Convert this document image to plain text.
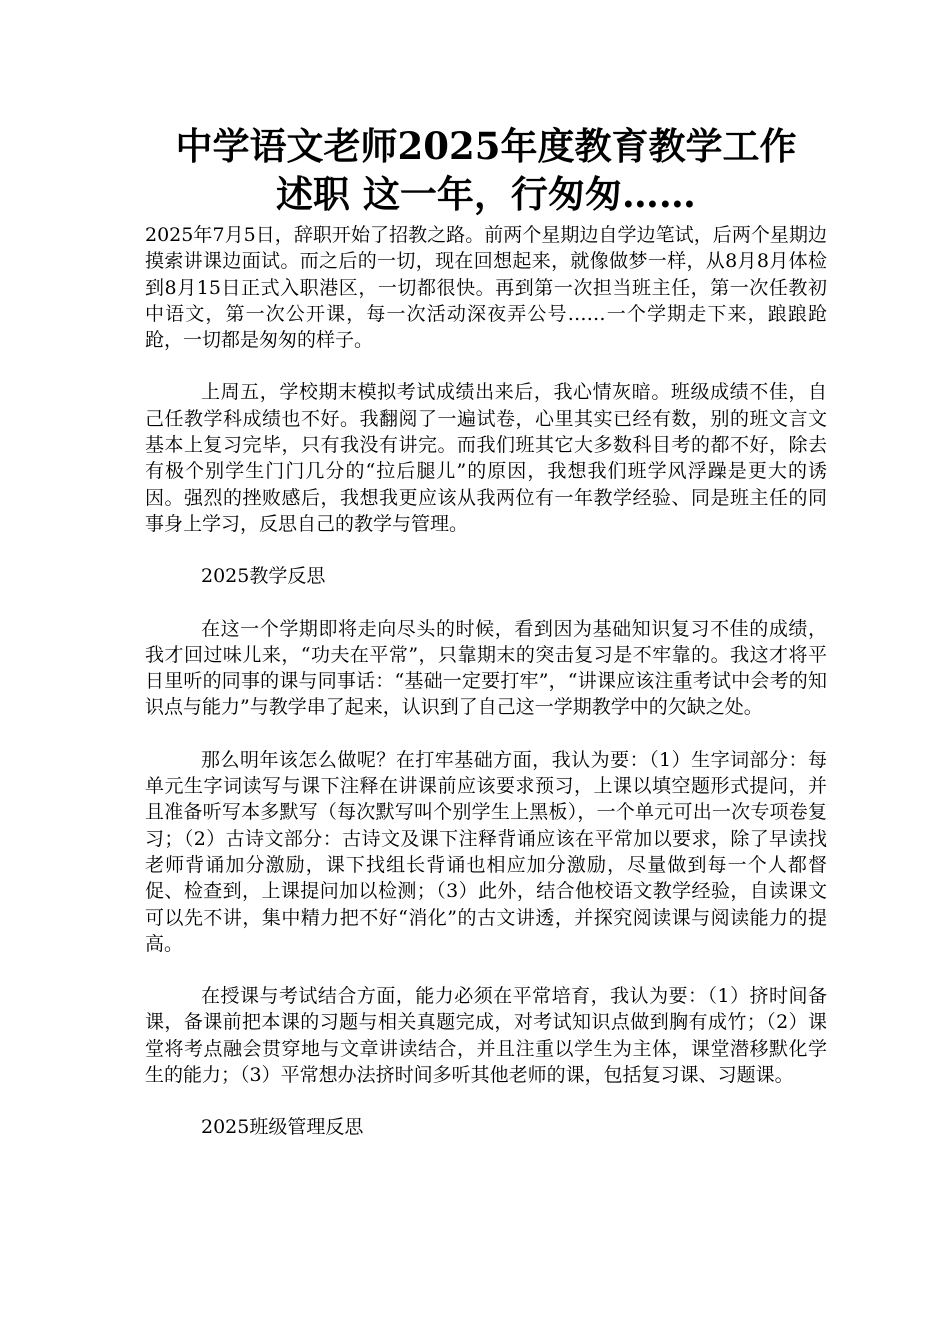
中学语文老师2025年度教育教学工作
述职 这一年，行匆匆……

2025年7月5日，辞职开始了招教之路。前两个星期边自学边笔试，后两个星期边摸索讲课边面试。而之后的一切，现在回想起来，就像做梦一样，从8月8月体检到8月15日正式入职港区，一切都很快。再到第一次担当班主任，第一次任教初中语文，第一次公开课，每一次活动深夜弄公号……一个学期走下来，踉踉跄跄，一切都是匆匆的样子。

上周五，学校期末模拟考试成绩出来后，我心情灰暗。班级成绩不佳，自己任教学科成绩也不好。我翻阅了一遍试卷，心里其实已经有数，别的班文言文基本上复习完毕，只有我没有讲完。而我们班其它大多数科目考的都不好，除去有极个别学生门门几分的“拉后腿儿”的原因，我想我们班学风浮躁是更大的诱因。强烈的挫败感后，我想我更应该从我两位有一年教学经验、同是班主任的同事身上学习，反思自己的教学与管理。

2025教学反思

在这一个学期即将走向尽头的时候，看到因为基础知识复习不佳的成绩，我才回过味儿来，“功夫在平常”，只靠期末的突击复习是不牢靠的。我这才将平日里听的同事的课与同事话：“基础一定要打牢”，“讲课应该注重考试中会考的知识点与能力”与教学串了起来，认识到了自己这一学期教学中的欠缺之处。

那么明年该怎么做呢？在打牢基础方面，我认为要：（1）生字词部分：每单元生字词读写与课下注释在讲课前应该要求预习，上课以填空题形式提问，并且准备听写本多默写（每次默写叫个别学生上黑板），一个单元可出一次专项卷复习；（2）古诗文部分：古诗文及课下注释背诵应该在平常加以要求，除了早读找老师背诵加分激励，课下找组长背诵也相应加分激励，尽量做到每一个人都督促、检查到，上课提问加以检测；（3）此外，结合他校语文教学经验，自读课文可以先不讲，集中精力把不好“消化”的古文讲透，并探究阅读课与阅读能力的提高。

在授课与考试结合方面，能力必须在平常培育，我认为要：（1）挤时间备课，备课前把本课的习题与相关真题完成，对考试知识点做到胸有成竹；（2）课堂将考点融会贯穿地与文章讲读结合，并且注重以学生为主体，课堂潜移默化学生的能力；（3）平常想办法挤时间多听其他老师的课，包括复习课、习题课。

2025班级管理反思
